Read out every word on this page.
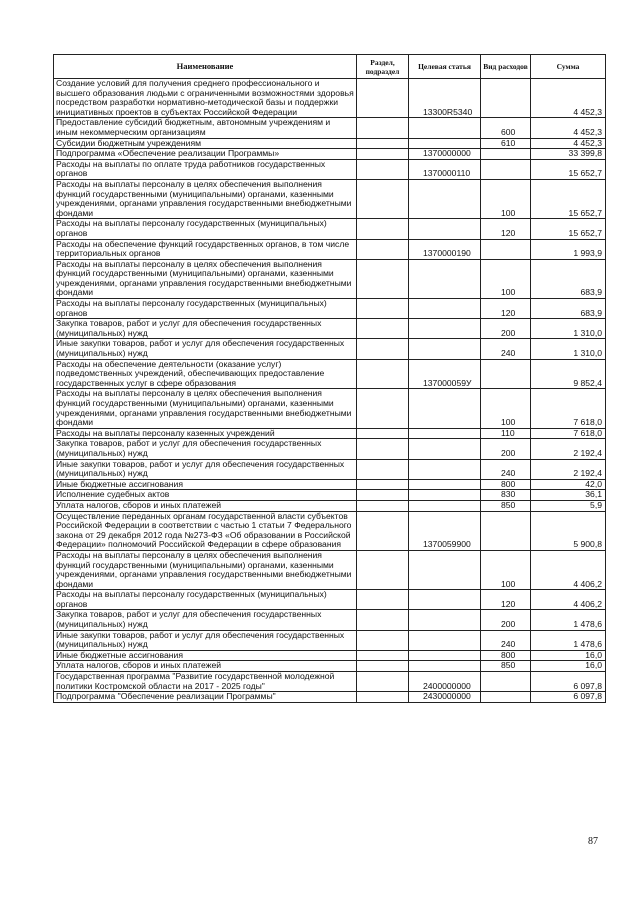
Наименование	Раздел, подраздел	Целевая статья	Вид расходов	Сумма
Создание условий для получения среднего профессионального и высшего образования людьми с ограниченными возможностями здоровья посредством разработки нормативно-методической базы и поддержки инициативных проектов в субъектах Российской Федерации		13300R5340		4 452,3
Предоставление субсидий бюджетным, автономным учреждениям и иным некоммерческим организациям			600	4 452,3
Субсидии бюджетным учреждениям			610	4 452,3
Подпрограмма «Обеспечение реализации Программы»		1370000000		33 399,8
Расходы на выплаты по оплате труда работников государственных органов		1370000110		15 652,7
Расходы на выплаты персоналу в целях обеспечения выполнения функций государственными (муниципальными) органами, казенными учреждениями, органами управления государственными внебюджетными фондами			100	15 652,7
Расходы на выплаты персоналу государственных (муниципальных) органов			120	15 652,7
Расходы на обеспечение функций государственных органов, в том числе территориальных органов		1370000190		1 993,9
Расходы на выплаты персоналу в целях обеспечения выполнения функций государственными (муниципальными) органами, казенными учреждениями, органами управления государственными внебюджетными фондами			100	683,9
Расходы на выплаты персоналу государственных (муниципальных) органов			120	683,9
Закупка товаров, работ и услуг для обеспечения государственных (муниципальных) нужд			200	1 310,0
Иные закупки товаров, работ и услуг для обеспечения государственных (муниципальных) нужд			240	1 310,0
Расходы на обеспечение деятельности (оказание услуг) подведомственных учреждений, обеспечивающих предоставление государственных услуг в сфере образования		137000059У		9 852,4
Расходы на выплаты персоналу в целях обеспечения выполнения функций государственными (муниципальными) органами, казенными учреждениями, органами управления государственными внебюджетными фондами			100	7 618,0
Расходы на выплаты персоналу казенных учреждений			110	7 618,0
Закупка товаров, работ и услуг для обеспечения государственных (муниципальных) нужд			200	2 192,4
Иные закупки товаров, работ и услуг для обеспечения государственных (муниципальных) нужд			240	2 192,4
Иные бюджетные ассигнования			800	42,0
Исполнение судебных актов			830	36,1
Уплата налогов, сборов и иных платежей			850	5,9
Осуществление переданных органам государственной власти субъектов Российской Федерации в соответствии с частью 1 статьи 7 Федерального закона от 29 декабря 2012 года №273-ФЗ «Об образовании в Российской Федерации» полномочий Российской Федерации в сфере образования		1370059900		5 900,8
Расходы на выплаты персоналу в целях обеспечения выполнения функций государственными (муниципальными) органами, казенными учреждениями, органами управления государственными внебюджетными фондами			100	4 406,2
Расходы на выплаты персоналу государственных (муниципальных) органов			120	4 406,2
Закупка товаров, работ и услуг для обеспечения государственных (муниципальных) нужд			200	1 478,6
Иные закупки товаров, работ и услуг для обеспечения государственных (муниципальных) нужд			240	1 478,6
Иные бюджетные ассигнования			800	16,0
Уплата налогов, сборов и иных платежей			850	16,0
Государственная программа "Развитие государственной молодежной политики Костромской области на 2017 - 2025 годы"		2400000000		6 097,8
Подпрограмма "Обеспечение реализации Программы"		2430000000		6 097,8
87
